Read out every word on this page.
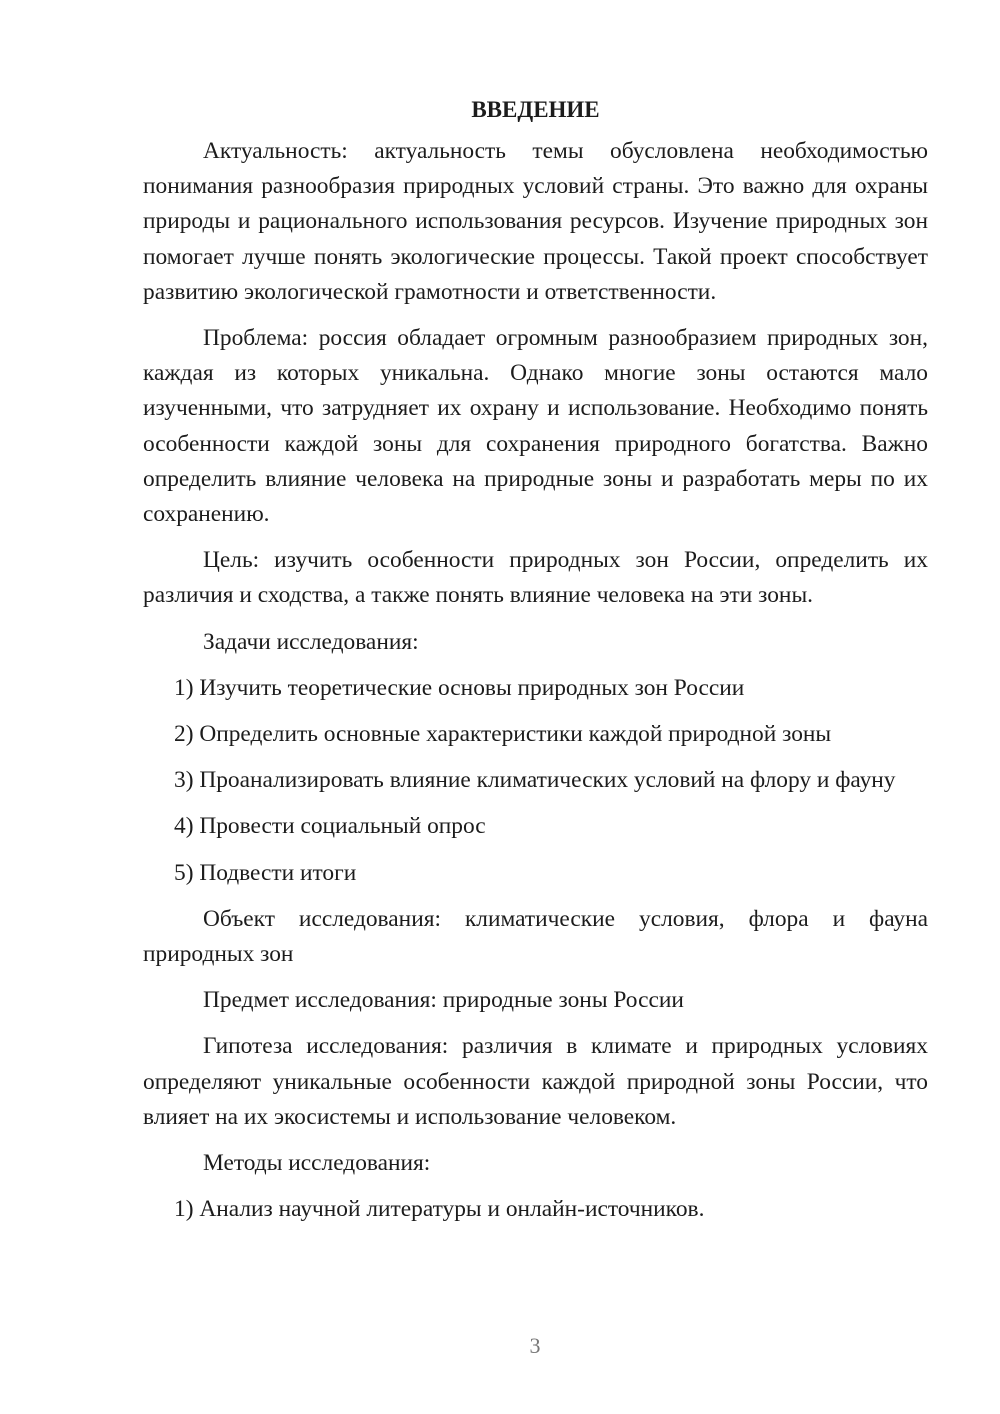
ВВЕДЕНИЕ

Актуальность: актуальность темы обусловлена необходимостью понимания разнообразия природных условий страны. Это важно для охраны природы и рационального использования ресурсов. Изучение природных зон помогает лучше понять экологические процессы. Такой проект способствует развитию экологической грамотности и ответственности.

Проблема: россия обладает огромным разнообразием природных зон, каждая из которых уникальна. Однако многие зоны остаются мало изученными, что затрудняет их охрану и использование. Необходимо понять особенности каждой зоны для сохранения природного богатства. Важно определить влияние человека на природные зоны и разработать меры по их сохранению.

Цель: изучить особенности природных зон России, определить их различия и сходства, а также понять влияние человека на эти зоны.

Задачи исследования:

1) Изучить теоретические основы природных зон России

2) Определить основные характеристики каждой природной зоны

3) Проанализировать влияние климатических условий на флору и фауну

4) Провести социальный опрос

5) Подвести итоги

Объект исследования: климатические условия, флора и фауна природных зон

Предмет исследования: природные зоны России

Гипотеза исследования: различия в климате и природных условиях определяют уникальные особенности каждой природной зоны России, что влияет на их экосистемы и использование человеком.

Методы исследования:

1) Анализ научной литературы и онлайн-источников.

3
